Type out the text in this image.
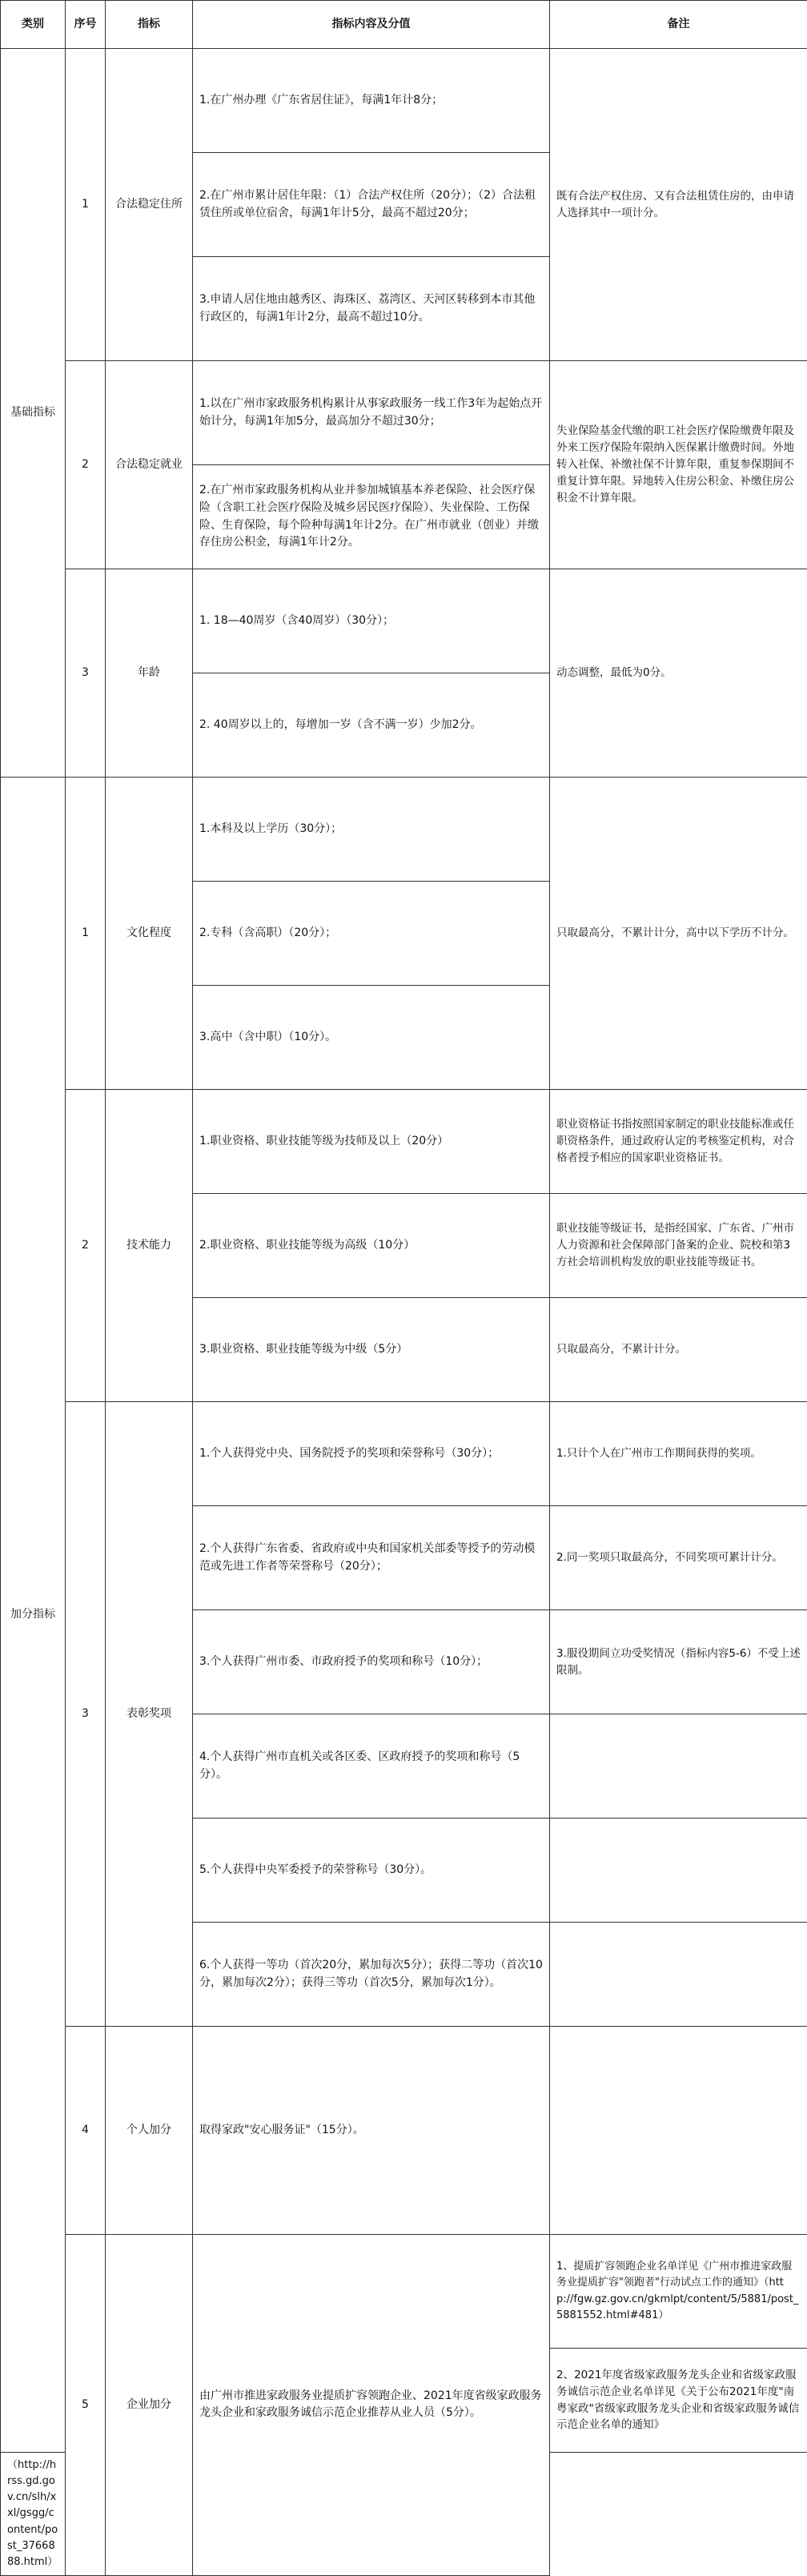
类别	序号	指标	指标内容及分值	备注
基础指标	1	合法稳定住所	1.在广州办理《广东省居住证》，每满1年计8分；	既有合法产权住房、又有合法租赁住房的，由申请人选择其中一项计分。
			2.在广州市累计居住年限：（1）合法产权住所（20分）；（2）合法租赁住所或单位宿舍，每满1年计5分，最高不超过20分；	
			3.申请人居住地由越秀区、海珠区、荔湾区、天河区转移到本市其他行政区的，每满1年计2分，最高不超过10分。	
	2	合法稳定就业	1.以在广州市家政服务机构累计从事家政服务一线工作3年为起始点开始计分，每满1年加5分，最高加分不超过30分；	失业保险基金代缴的职工社会医疗保险缴费年限及外来工医疗保险年限纳入医保累计缴费时间。外地转入社保、补缴社保不计算年限，重复参保期间不重复计算年限。异地转入住房公积金、补缴住房公积金不计算年限。
			2.在广州市家政服务机构从业并参加城镇基本养老保险、社会医疗保险（含职工社会医疗保险及城乡居民医疗保险）、失业保险、工伤保险、生育保险，每个险种每满1年计2分。在广州市就业（创业）并缴存住房公积金，每满1年计2分。	
	3	年龄	1. 18—40周岁（含40周岁）（30分）；	动态调整，最低为0分。
			2. 40周岁以上的，每增加一岁（含不满一岁）少加2分。	
加分指标	1	文化程度	1.本科及以上学历（30分）；	只取最高分，不累计计分，高中以下学历不计分。
			2.专科（含高职）（20分）；	
			3.高中（含中职）（10分）。	
	2	技术能力	1.职业资格、职业技能等级为技师及以上（20分）	职业资格证书指按照国家制定的职业技能标准或任职资格条件，通过政府认定的考核鉴定机构，对合格者授予相应的国家职业资格证书。
			2.职业资格、职业技能等级为高级（10分）	职业技能等级证书，是指经国家、广东省、广州市人力资源和社会保障部门备案的企业、院校和第3方社会培训机构发放的职业技能等级证书。
			3.职业资格、职业技能等级为中级（5分）	只取最高分，不累计计分。
	3	表彰奖项	1.个人获得党中央、国务院授予的奖项和荣誉称号（30分）；	1.只计个人在广州市工作期间获得的奖项。
			2.个人获得广东省委、省政府或中央和国家机关部委等授予的劳动模范或先进工作者等荣誉称号（20分）；	2.同一奖项只取最高分，不同奖项可累计计分。
			3.个人获得广州市委、市政府授予的奖项和称号（10分）；	3.服役期间立功受奖情况（指标内容5-6）不受上述限制。
			4.个人获得广州市直机关或各区委、区政府授予的奖项和称号（5分）。	
			5.个人获得中央军委授予的荣誉称号（30分）。	
			6.个人获得一等功（首次20分，累加每次5分）；获得二等功（首次10分，累加每次2分）；获得三等功（首次5分，累加每次1分）。	
	4	个人加分	取得家政"安心服务证"（15分）。	
	5	企业加分	由广州市推进家政服务业提质扩容领跑企业、2021年度省级家政服务龙头企业和家政服务诚信示范企业推荐从业人员（5分）。	1、提质扩容领跑企业名单详见《广州市推进家政服务业提质扩容"领跑者"行动试点工作的通知》（http://fgw.gz.gov.cn/gkmlpt/content/5/5881/post_5881552.html#481）
				2、2021年度省级家政服务龙头企业和省级家政服务诚信示范企业名单详见《关于公布2021年度"南粤家政"省级家政服务龙头企业和省级家政服务诚信示范企业名单的通知》
（http://hrss.gd.gov.cn/slh/xxl/gsgg/content/post_3766888.html）				
